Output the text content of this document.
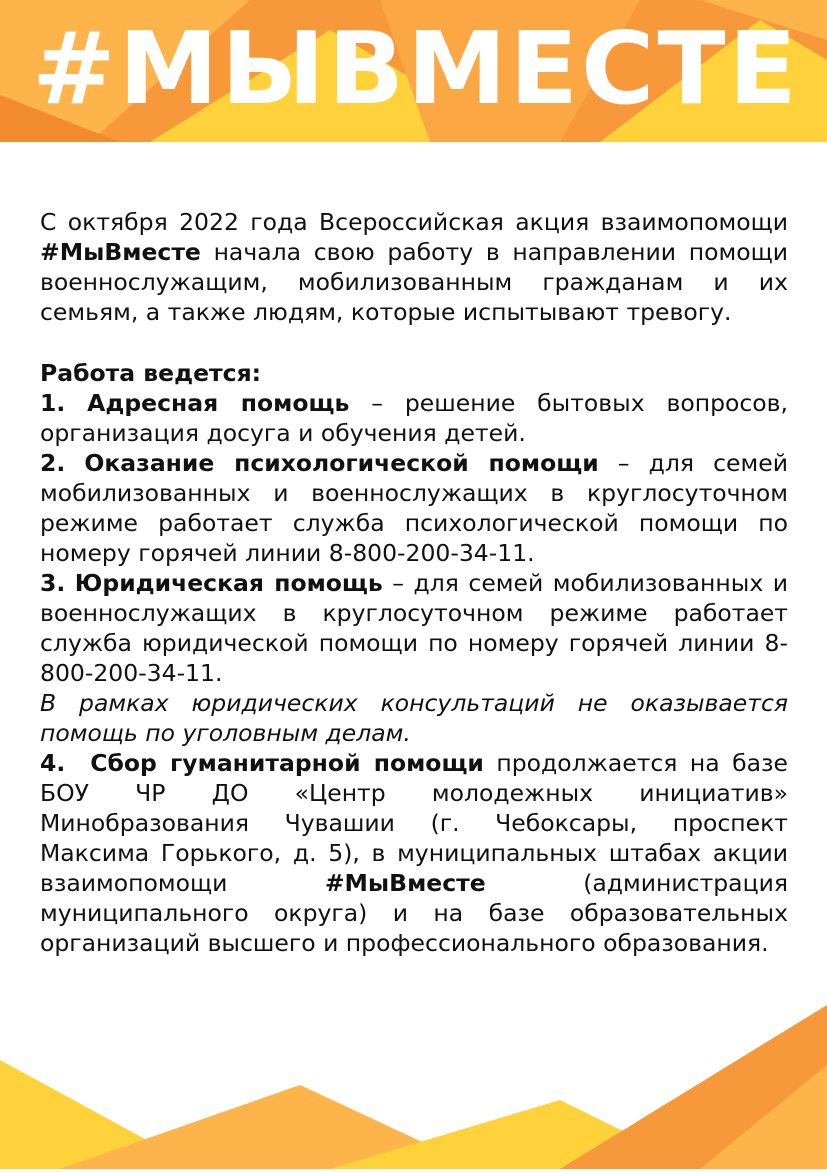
#МЫВМЕСТЕ

С октября 2022 года Всероссийская акция взаимопомощи #МыВместе начала свою работу в направлении помощи военнослужащим, мобилизованным гражданам и их семьям, а также людям, которые испытывают тревогу.

Работа ведется:

1. Адресная помощь – решение бытовых вопросов, организация досуга и обучения детей.

2. Оказание психологической помощи – для семей мобилизованных и военнослужащих в круглосуточном режиме работает служба психологической помощи по номеру горячей линии 8-800-200-34-11.

3. Юридическая помощь – для семей мобилизованных и военнослужащих в круглосуточном режиме работает служба юридической помощи по номеру горячей линии 8-800-200-34-11.

В рамках юридических консультаций не оказывается помощь по уголовным делам.

4. Сбор гуманитарной помощи продолжается на базе БОУ ЧР ДО «Центр молодежных инициатив» Минобразования Чувашии (г. Чебоксары, проспект Максима Горького, д. 5), в муниципальных штабах акции взаимопомощи #МыВместе (администрация муниципального округа) и на базе образовательных организаций высшего и профессионального образования.
